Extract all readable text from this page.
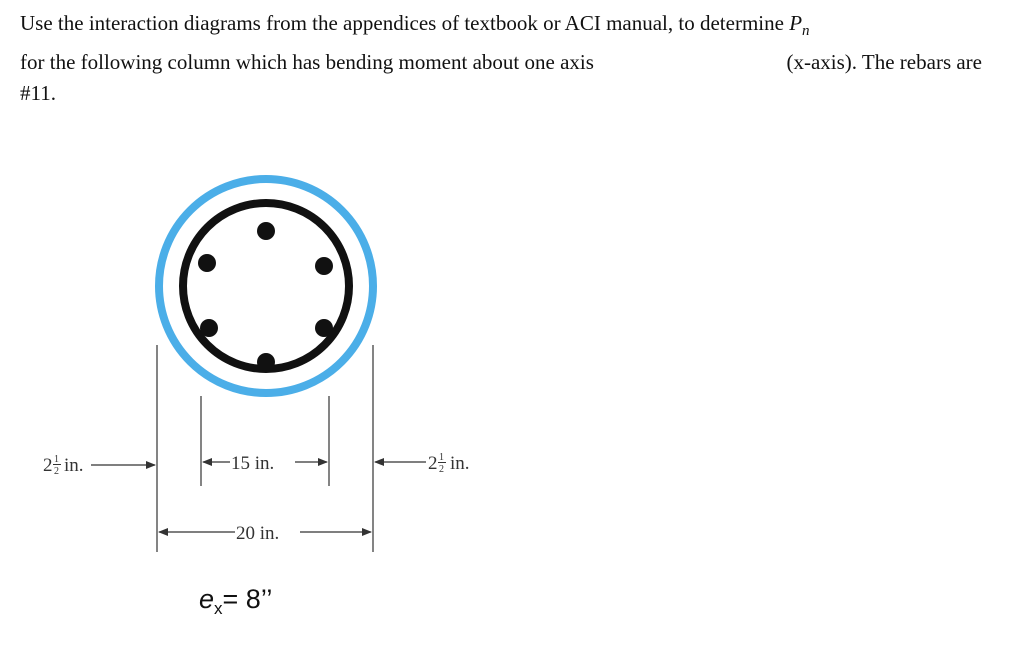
Use the interaction diagrams from the appendices of textbook or ACI manual, to determine $P_n$
for the following column which has bending moment about one axis	(x-axis). The rebars are
#11.
2 1
2 in.	15 in.	2 1
2 in.
20 in.
$e_x= 8$’’
